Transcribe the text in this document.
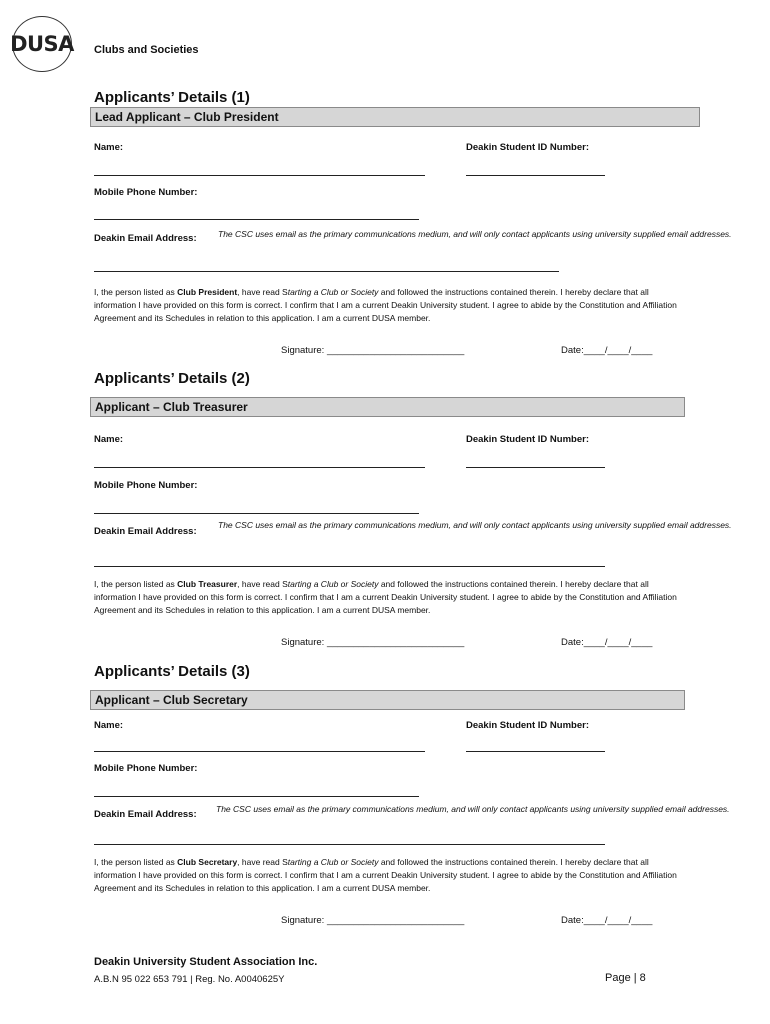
DUSA Clubs and Societies
Applicants’ Details (1)
Lead Applicant – Club President
Name:	Deakin Student ID Number:
Mobile Phone Number:
Deakin Email Address:	The CSC uses email as the primary communications medium, and will only contact applicants using university supplied email addresses.
I, the person listed as Club President, have read Starting a Club or Society and followed the instructions contained therein. I hereby declare that all information I have provided on this form is correct. I confirm that I am a current Deakin University student. I agree to abide by the Constitution and Affiliation Agreement and its Schedules in relation to this application. I am a current DUSA member.
Signature: __________________________	Date:____/____/____
Applicants’ Details (2)
Applicant – Club Treasurer
Name:	Deakin Student ID Number:
Mobile Phone Number:
Deakin Email Address:
The CSC uses email as the primary communications medium, and will only contact applicants using university supplied email addresses.
I, the person listed as Club Treasurer, have read Starting a Club or Society and followed the instructions contained therein. I hereby declare that all information I have provided on this form is correct. I confirm that I am a current Deakin University student. I agree to abide by the Constitution and Affiliation Agreement and its Schedules in relation to this application. I am a current DUSA member.
Signature: __________________________	Date:____/____/____
Applicants’ Details (3)
Applicant – Club Secretary
Name:	Deakin Student ID Number:
Mobile Phone Number:
Deakin Email Address: The CSC uses email as the primary communications medium, and will only contact applicants using university supplied email addresses.
I, the person listed as Club Secretary, have read Starting a Club or Society and followed the instructions contained therein. I hereby declare that all information I have provided on this form is correct. I confirm that I am a current Deakin University student. I agree to abide by the Constitution and Affiliation Agreement and its Schedules in relation to this application. I am a current DUSA member.
Signature: __________________________	Date:____/____/____
Deakin University Student Association Inc.
A.B.N 95 022 653 791 | Reg. No. A0040625Y	Page | 8
